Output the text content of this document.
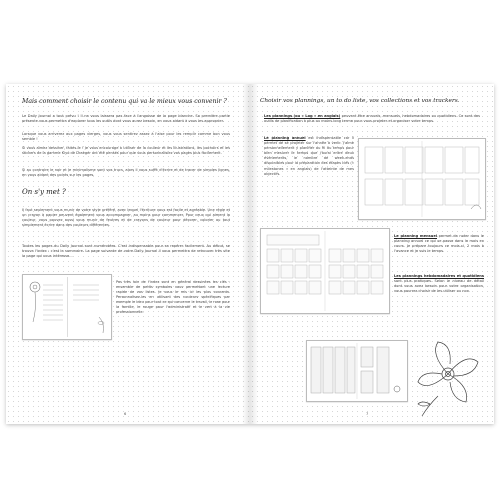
Mais comment choisir le contenu qui va le mieux vous convenir ?

Le Daily Journal a tout prévu ! Il ne vous laissera pas face à l'angoisse de la page blanche. Sa première partie présente vous permettra d'explorer tous les outils dont vous aurez besoin, en vous aidant à vous les approprier.

Lorsque vous arriverez aux pages vierges, vous vous sentirez assez à l'aise pour les remplir comme bon vous semble !

Si vous aimez dessiner, faites-le ! Je vous encourage à utiliser de la couleur et les illustrations, les pochoirs et les stickers de la gamme Kiyo de Draeger ont été pensés pour que vous personnalisiez vos pages plus facilement.

Si au contraire le noir et le minimalisme sont vos trucs, alors il vous suffit d'écrire et de tracer de simples lignes, en vous aidant des points sur les pages.

On s'y met ?

Il faut seulement vous munir de votre style préféré, avec lequel l'écriture vous est facile et agréable. Une règle et un crayon à papier peuvent également vous accompagner, au moins pour commencer. Pour ceux qui aiment la couleur, vous pouvez aussi vous munir de feutres et de crayons de couleur pour décorer, colorier ou tout simplement écrire dans des couleurs différentes.

Toutes les pages du Daily Journal sont numérotées. C'est indispensable pour se repérer facilement. Au début, se trouve l'index : c'est le sommaire. La page suivante de votre Daily Journal il vous permettra de retrouver très vite la page qui vous intéresse...

Pas très loin de l'index sont en général dessinées les clés : ensemble de petits symboles vous permettant une lecture rapide de vos listes. Je vous le mis ici les plus courants. Personnalisez-les en utilisant des couleurs spécifiques par exemple le bleu pour tout ce qui concerne le travail, le rose pour la famille, le rouge pour l'administratif et le vert à la vie professionnelle.

6

Choisir vos plannings, un to do liste, vos collections et vos trackers.

Les plannings (ou « Log » en anglais) peuvent être annuels, mensuels, hebdomadaires ou quotidiens. Ce sont des outils de planification à plus ou moins long terme pour vous projeter et organiser votre temps.

Le planning annuel est indispensable car il permet de se projeter sur l'année à venir. J'aime personnellement y planifier au fil du temps pour bien mesurer le temps que j'aurai entre deux événements, le nombre de week-ends disponibles pour la préparation des étapes clés (« milestones » en anglais) de l'atteinte de mes objectifs.

Le planning mensuel permet de noter dans le planning annuel ce qui se passe dans le mois en cours. Je prépare toujours ce mois-ci, 2 mois à l'avance et je suis le temps.

Les plannings hebdomadaires et quotidiens sont plus pratiques. Selon le niveau de détail dont vous avez besoin pour votre organisation, vous pourrez choisir de les utiliser ou non.

7
